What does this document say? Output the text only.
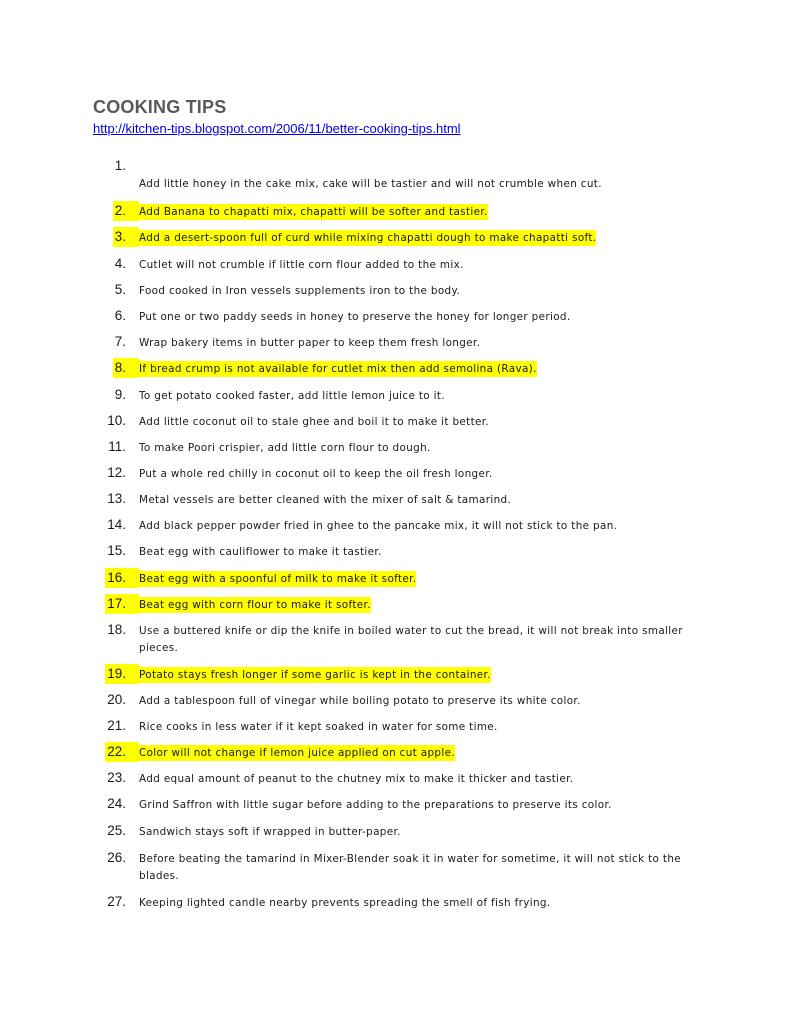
COOKING TIPS
http://kitchen-tips.blogspot.com/2006/11/better-cooking-tips.html
1.
Add little honey in the cake mix, cake will be tastier and will not crumble when cut.
2. Add Banana to chapatti mix, chapatti will be softer and tastier.
3. Add a desert-spoon full of curd while mixing chapatti dough to make chapatti soft.
4. Cutlet will not crumble if little corn flour added to the mix.
5. Food cooked in Iron vessels supplements iron to the body.
6. Put one or two paddy seeds in honey to preserve the honey for longer period.
7. Wrap bakery items in butter paper to keep them fresh longer.
8. If bread crump is not available for cutlet mix then add semolina (Rava).
9. To get potato cooked faster, add little lemon juice to it.
10. Add little coconut oil to stale ghee and boil it to make it better.
11. To make Poori crispier, add little corn flour to dough.
12. Put a whole red chilly in coconut oil to keep the oil fresh longer.
13. Metal vessels are better cleaned with the mixer of salt & tamarind.
14. Add black pepper powder fried in ghee to the pancake mix, it will not stick to the pan.
15. Beat egg with cauliflower to make it tastier.
16. Beat egg with a spoonful of milk to make it softer.
17. Beat egg with corn flour to make it softer.
18. Use a buttered knife or dip the knife in boiled water to cut the bread, it will not break into smaller pieces.
19. Potato stays fresh longer if some garlic is kept in the container.
20. Add a tablespoon full of vinegar while boiling potato to preserve its white color.
21. Rice cooks in less water if it kept soaked in water for some time.
22. Color will not change if lemon juice applied on cut apple.
23. Add equal amount of peanut to the chutney mix to make it thicker and tastier.
24. Grind Saffron with little sugar before adding to the preparations to preserve its color.
25. Sandwich stays soft if wrapped in butter-paper.
26. Before beating the tamarind in Mixer-Blender soak it in water for sometime, it will not stick to the blades.
27. Keeping lighted candle nearby prevents spreading the smell of fish frying.
